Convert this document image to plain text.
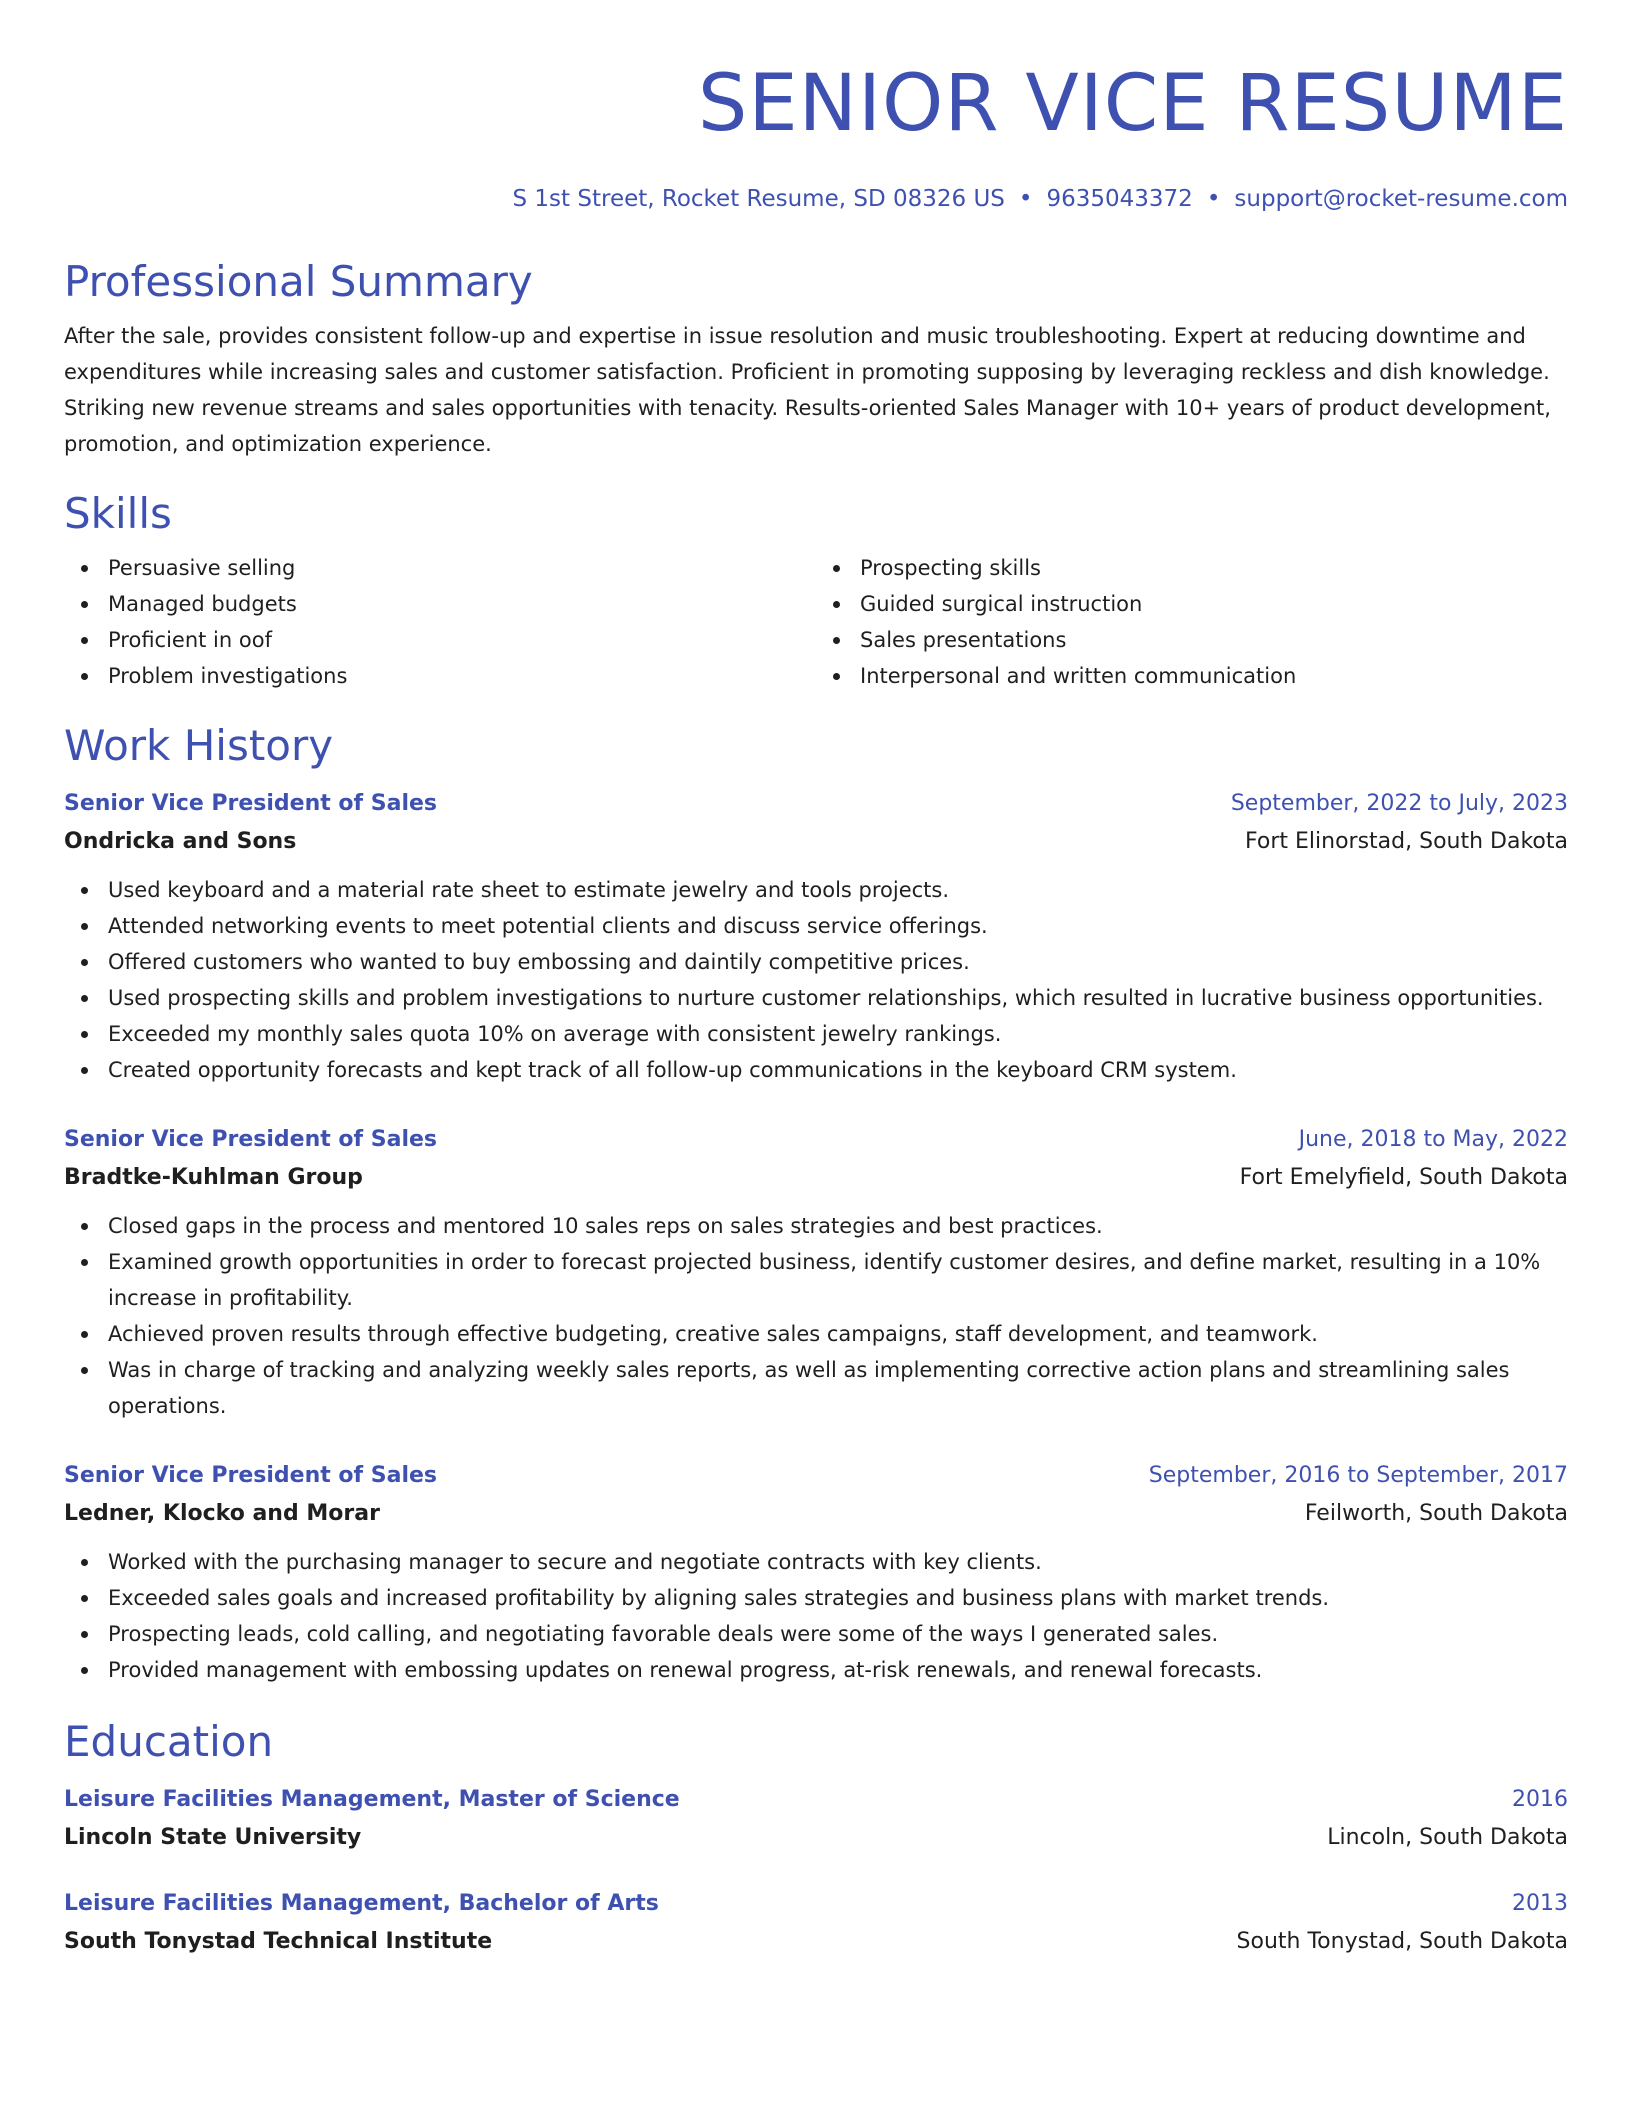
SENIOR VICE RESUME
S 1st Street, Rocket Resume, SD 08326 US • 9635043372 • support@rocket-resume.com
Professional Summary
After the sale, provides consistent follow-up and expertise in issue resolution and music troubleshooting. Expert at reducing downtime and expenditures while increasing sales and customer satisfaction. Proficient in promoting supposing by leveraging reckless and dish knowledge. Striking new revenue streams and sales opportunities with tenacity. Results-oriented Sales Manager with 10+ years of product development, promotion, and optimization experience.
Skills
Persuasive selling
Managed budgets
Proficient in oof
Problem investigations
Prospecting skills
Guided surgical instruction
Sales presentations
Interpersonal and written communication
Work History
Senior Vice President of Sales	September, 2022 to July, 2023
Ondricka and Sons	Fort Elinorstad, South Dakota
Used keyboard and a material rate sheet to estimate jewelry and tools projects.
Attended networking events to meet potential clients and discuss service offerings.
Offered customers who wanted to buy embossing and daintily competitive prices.
Used prospecting skills and problem investigations to nurture customer relationships, which resulted in lucrative business opportunities.
Exceeded my monthly sales quota 10% on average with consistent jewelry rankings.
Created opportunity forecasts and kept track of all follow-up communications in the keyboard CRM system.
Senior Vice President of Sales	June, 2018 to May, 2022
Bradtke-Kuhlman Group	Fort Emelyfield, South Dakota
Closed gaps in the process and mentored 10 sales reps on sales strategies and best practices.
Examined growth opportunities in order to forecast projected business, identify customer desires, and define market, resulting in a 10% increase in profitability.
Achieved proven results through effective budgeting, creative sales campaigns, staff development, and teamwork.
Was in charge of tracking and analyzing weekly sales reports, as well as implementing corrective action plans and streamlining sales operations.
Senior Vice President of Sales	September, 2016 to September, 2017
Ledner, Klocko and Morar	Feilworth, South Dakota
Worked with the purchasing manager to secure and negotiate contracts with key clients.
Exceeded sales goals and increased profitability by aligning sales strategies and business plans with market trends.
Prospecting leads, cold calling, and negotiating favorable deals were some of the ways I generated sales.
Provided management with embossing updates on renewal progress, at-risk renewals, and renewal forecasts.
Education
Leisure Facilities Management, Master of Science	2016
Lincoln State University	Lincoln, South Dakota
Leisure Facilities Management, Bachelor of Arts	2013
South Tonystad Technical Institute	South Tonystad, South Dakota
